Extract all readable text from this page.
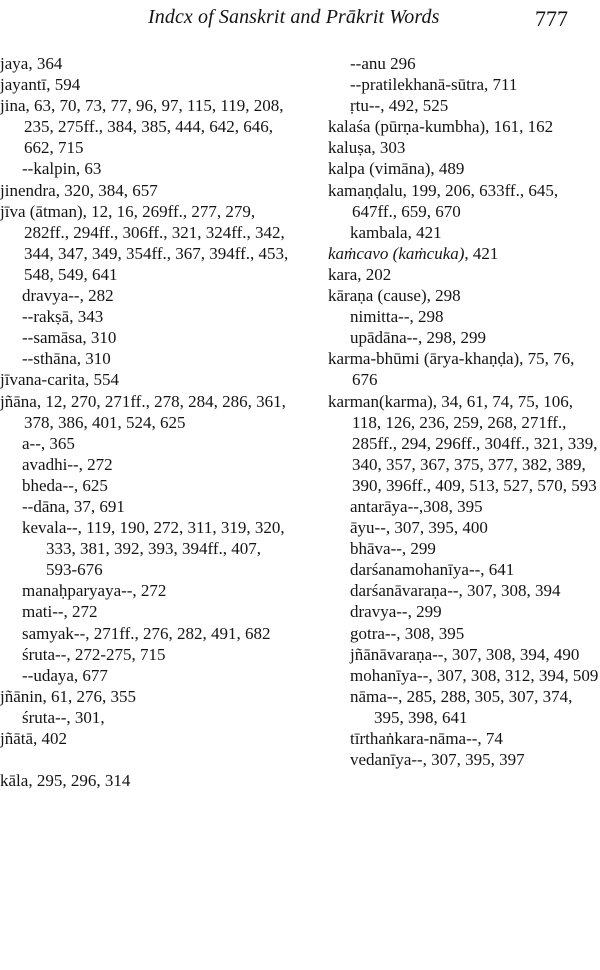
Indcx of Sanskrit and Prākrit Words	777

jaya, 364

jayantī, 594

jina, 63, 70, 73, 77, 96, 97, 115, 119, 208, 235, 275ff., 384, 385, 444, 642, 646, 662, 715

--kalpin, 63

jinendra, 320, 384, 657

jīva (ātman), 12, 16, 269ff., 277, 279, 282ff., 294ff., 306ff., 321, 324ff., 342, 344, 347, 349, 354ff., 367, 394ff., 453, 548, 549, 641

dravya--, 282

--rakṣā, 343

--samāsa, 310

--sthāna, 310

jīvana-carita, 554

jñāna, 12, 270, 271ff., 278, 284, 286, 361, 378, 386, 401, 524, 625

a--, 365

avadhi--, 272

bheda--, 625

--dāna, 37, 691

kevala--, 119, 190, 272, 311, 319, 320, 333, 381, 392, 393, 394ff., 407, 593-676

manaḥparyaya--, 272

mati--, 272

samyak--, 271ff., 276, 282, 491, 682

śruta--, 272-275, 715

--udaya, 677

jñānin, 61, 276, 355

śruta--, 301,

jñātā, 402

kāla, 295, 296, 314

--anu 296

--pratilekhanā-sūtra, 711

ṛtu--, 492, 525

kalaśa (pūrṇa-kumbha), 161, 162

kaluṣa, 303

kalpa (vimāna), 489

kamaṇḍalu, 199, 206, 633ff., 645, 647ff., 659, 670

kambala, 421

kaṁcavo (kaṁcuka), 421

kara, 202

kāraṇa (cause), 298

nimitta--, 298

upādāna--, 298, 299

karma-bhūmi (ārya-khaṇḍa), 75, 76, 676

karman(karma), 34, 61, 74, 75, 106, 118, 126, 236, 259, 268, 271ff., 285ff., 294, 296ff., 304ff., 321, 339, 340, 357, 367, 375, 377, 382, 389, 390, 396ff., 409, 513, 527, 570, 593

antarāya--,308, 395

āyu--, 307, 395, 400

bhāva--, 299

darśanamohanīya--, 641

darśanāvaraṇa--, 307, 308, 394

dravya--, 299

gotra--, 308, 395

jñānāvaraṇa--, 307, 308, 394, 490

mohanīya--, 307, 308, 312, 394, 509

nāma--, 285, 288, 305, 307, 374, 395, 398, 641

tīrthaṅkara-nāma--, 74

vedanīya--, 307, 395, 397
